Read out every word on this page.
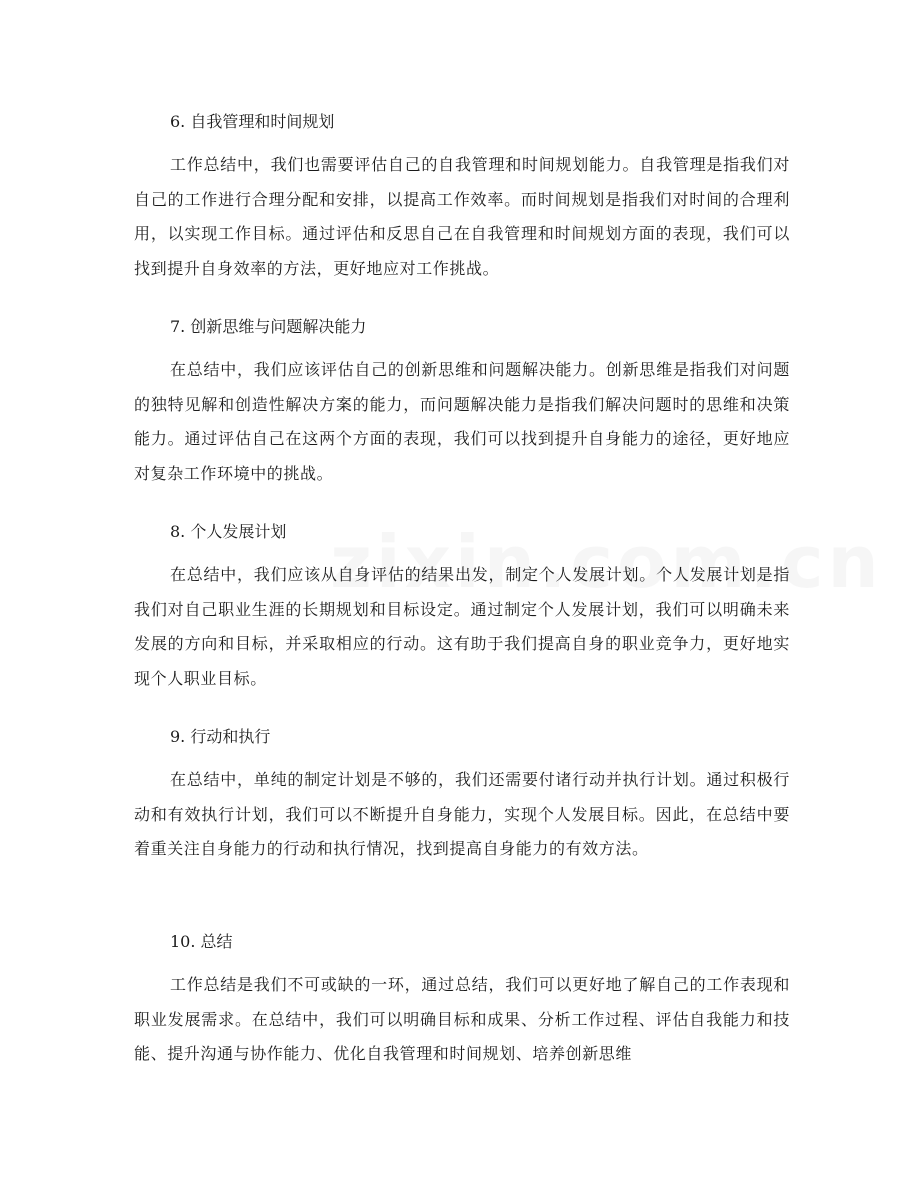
6. 自我管理和时间规划

工作总结中，我们也需要评估自己的自我管理和时间规划能力。自我管理是指我们对自己的工作进行合理分配和安排，以提高工作效率。而时间规划是指我们对时间的合理利用，以实现工作目标。通过评估和反思自己在自我管理和时间规划方面的表现，我们可以找到提升自身效率的方法，更好地应对工作挑战。

7. 创新思维与问题解决能力

在总结中，我们应该评估自己的创新思维和问题解决能力。创新思维是指我们对问题的独特见解和创造性解决方案的能力，而问题解决能力是指我们解决问题时的思维和决策能力。通过评估自己在这两个方面的表现，我们可以找到提升自身能力的途径，更好地应对复杂工作环境中的挑战。

8. 个人发展计划

在总结中，我们应该从自身评估的结果出发，制定个人发展计划。个人发展计划是指我们对自己职业生涯的长期规划和目标设定。通过制定个人发展计划，我们可以明确未来发展的方向和目标，并采取相应的行动。这有助于我们提高自身的职业竞争力，更好地实现个人职业目标。

9. 行动和执行

在总结中，单纯的制定计划是不够的，我们还需要付诸行动并执行计划。通过积极行动和有效执行计划，我们可以不断提升自身能力，实现个人发展目标。因此，在总结中要着重关注自身能力的行动和执行情况，找到提高自身能力的有效方法。

10. 总结

工作总结是我们不可或缺的一环，通过总结，我们可以更好地了解自己的工作表现和职业发展需求。在总结中，我们可以明确目标和成果、分析工作过程、评估自我能力和技能、提升沟通与协作能力、优化自我管理和时间规划、培养创新思维
